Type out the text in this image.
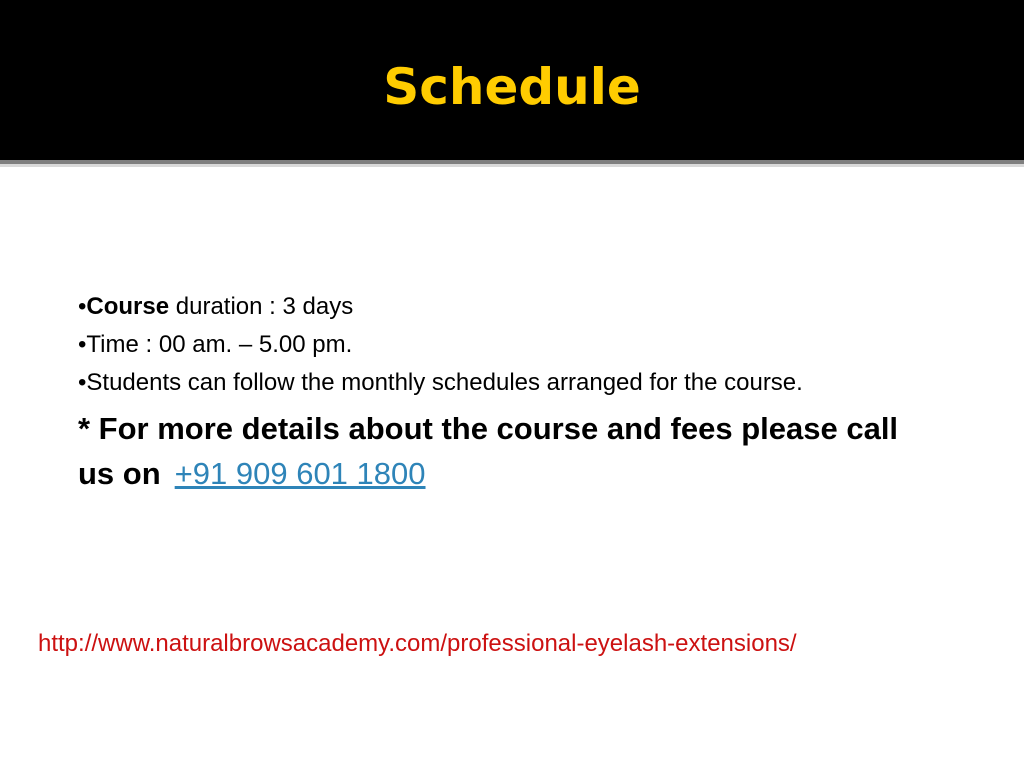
Schedule

•Course duration : 3 days

•Time : 00 am. – 5.00 pm.

•Students can follow the monthly schedules arranged for the course.

* For more details about the course and fees please call us on +91 909 601 1800
http://www.naturalbrowsacademy.com/professional-eyelash-extensions/
